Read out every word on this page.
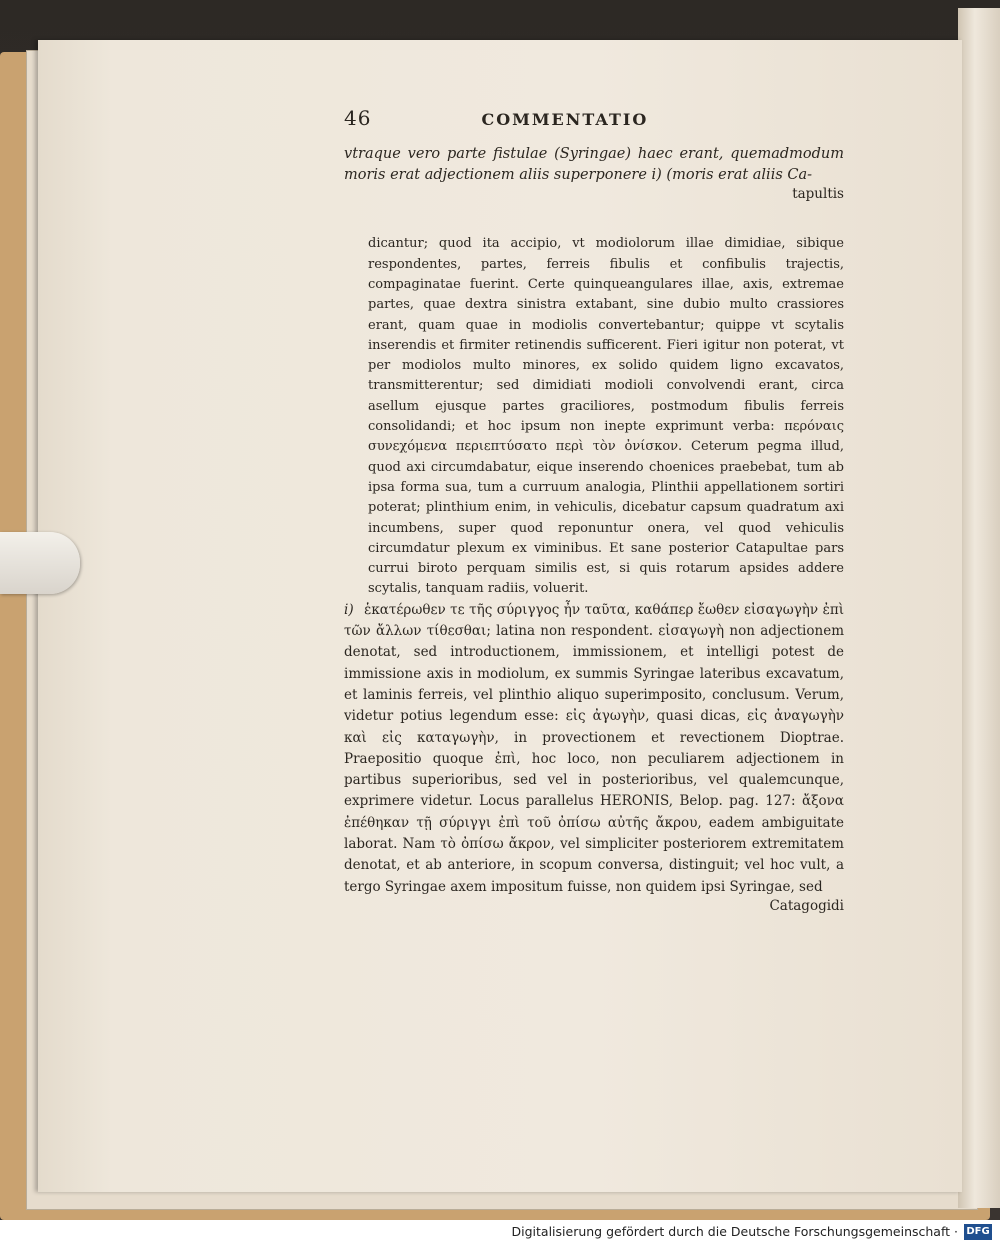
46	COMMENTATIO
vtraque vero parte fistulae (Syringae) haec erant, quemadmodum moris erat adjectionem aliis superponere i) (moris erat aliis Ca-
tapultis
dicantur; quod ita accipio, vt modiolorum illae dimidiae, sibique respondentes, partes, ferreis fibulis et confibulis trajectis, compaginatae fuerint. Certe quinqueangulares illae, axis, extremae partes, quae dextra sinistra extabant, sine dubio multo crassiores erant, quam quae in modiolis convertebantur; quippe vt scytalis inserendis et firmiter retinendis sufficerent. Fieri igitur non poterat, vt per modiolos multo minores, ex solido quidem ligno excavatos, transmitterentur; sed dimidiati modioli convolvendi erant, circa asellum ejusque partes graciliores, postmodum fibulis ferreis consolidandi; et hoc ipsum non inepte exprimunt verba: περόναις συνεχόμενα περιεπτύσατο περὶ τὸν ὀνίσκον. Ceterum pegma illud, quod axi circumdabatur, eique inserendo choenices praebebat, tum ab ipsa forma sua, tum a curruum analogia, Plinthii appellationem sortiri poterat; plinthium enim, in vehiculis, dicebatur capsum quadratum axi incumbens, super quod reponuntur onera, vel quod vehiculis circumdatur plexum ex viminibus. Et sane posterior Catapultae pars currui biroto perquam similis est, si quis rotarum apsides addere scytalis, tanquam radiis, voluerit.
i) ἑκατέρωθεν τε τῆς σύριγγος ἦν ταῦτα, καθάπερ ἔωθεν εἰσαγωγὴν ἐπὶ τῶν ἄλλων τίθεσθαι; latina non respondent. εἰσαγωγὴ non adjectionem denotat, sed introductionem, immissionem, et intelligi potest de immissione axis in modiolum, ex summis Syringae lateribus excavatum, et laminis ferreis, vel plinthio aliquo superimposito, conclusum. Verum, videtur potius legendum esse: εἰς ἀγωγὴν, quasi dicas, εἰς ἀναγωγὴν καὶ εἰς καταγωγὴν, in provectionem et revectionem Dioptrae. Praepositio quoque ἐπὶ, hoc loco, non peculiarem adjectionem in partibus superioribus, sed vel in posterioribus, vel qualemcunque, exprimere videtur. Locus parallelus HERONIS, Belop. pag. 127: ἄξονα ἐπέθηκαν τῇ σύριγγι ἐπὶ τοῦ ὀπίσω αὐτῆς ἄκρου, eadem ambiguitate laborat. Nam τὸ ὀπίσω ἄκρον, vel simpliciter posteriorem extremitatem denotat, et ab anteriore, in scopum conversa, distinguit; vel hoc vult, a tergo Syringae axem impositum fuisse, non quidem ipsi Syringae, sed
Catagogidi
Digitalisierung gefördert durch die Deutsche Forschungsgemeinschaft · DFG
